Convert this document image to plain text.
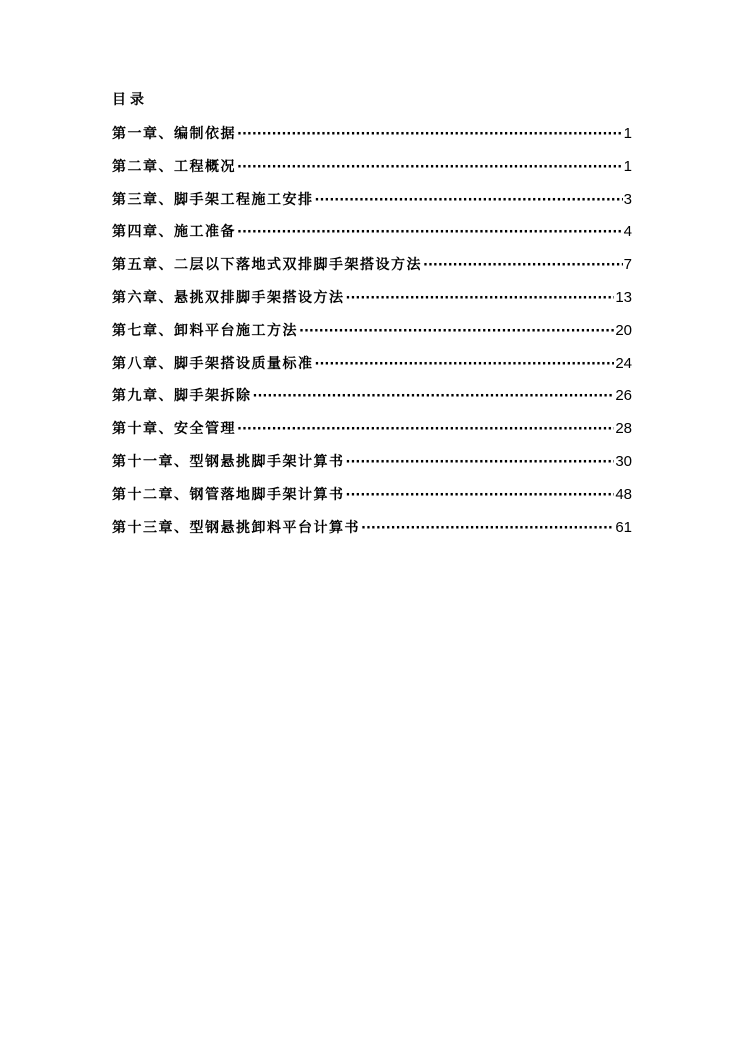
目录
第一章、编制依据 ·····	1
第二章、工程概况 ·····	1
第三章、脚手架工程施工安排 ·····	3
第四章、施工准备 ·····	4
第五章、二层以下落地式双排脚手架搭设方法 ·····	7
第六章、悬挑双排脚手架搭设方法 ·····	13
第七章、卸料平台施工方法 ·····	20
第八章、脚手架搭设质量标准 ·····	24
第九章、脚手架拆除 ·····	26
第十章、安全管理 ·····	28
第十一章、型钢悬挑脚手架计算书 ·····	30
第十二章、钢管落地脚手架计算书 ·····	48
第十三章、型钢悬挑卸料平台计算书 ·····	61
